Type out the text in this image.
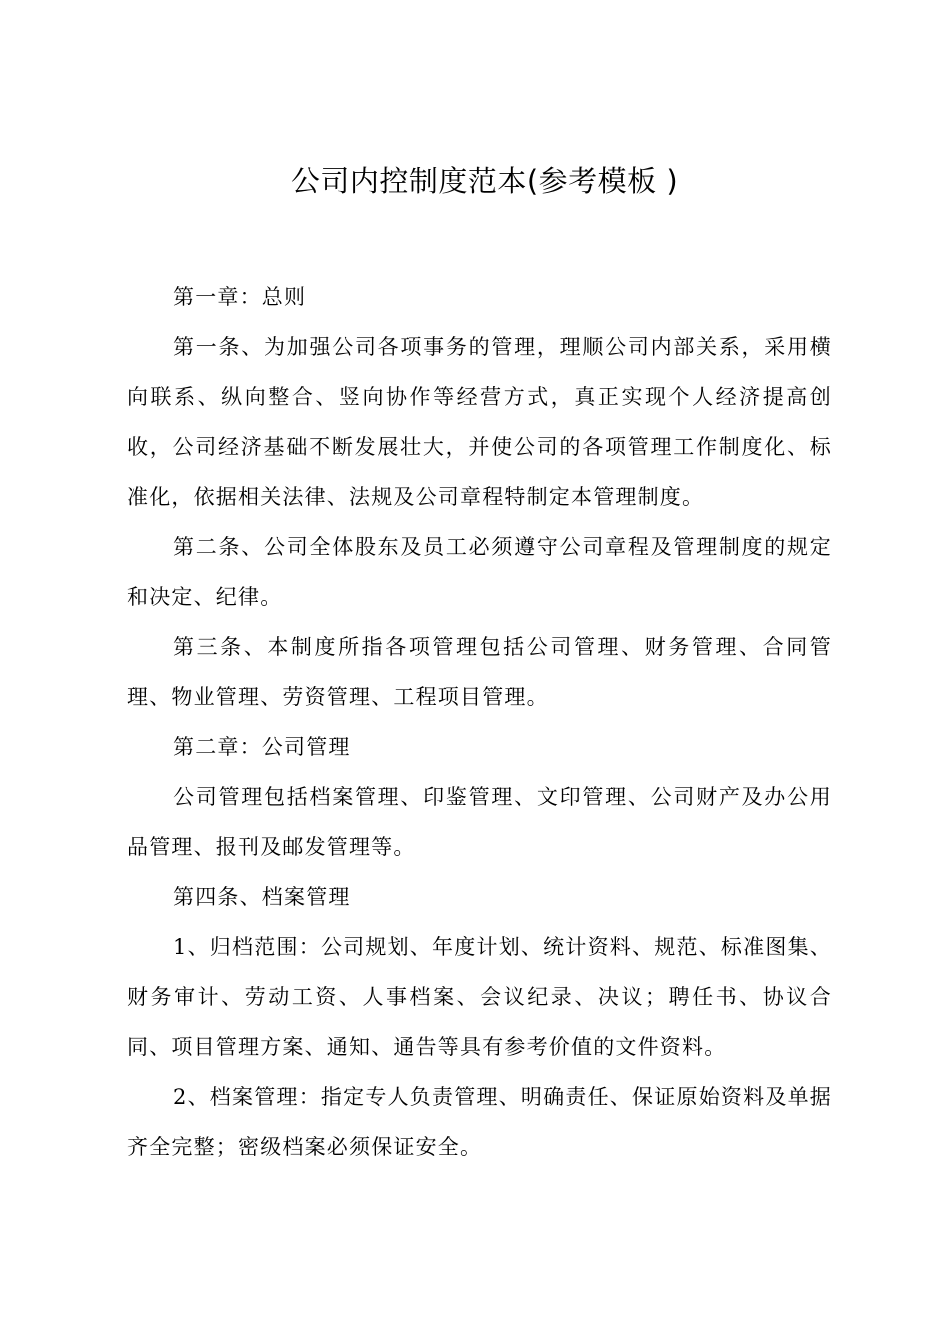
公司内控制度范本(参考模板 )

第一章：总则

第一条、为加强公司各项事务的管理，理顺公司内部关系，采用横向联系、纵向整合、竖向协作等经营方式，真正实现个人经济提高创收，公司经济基础不断发展壮大，并使公司的各项管理工作制度化、标准化，依据相关法律、法规及公司章程特制定本管理制度。

第二条、公司全体股东及员工必须遵守公司章程及管理制度的规定和决定、纪律。

第三条、本制度所指各项管理包括公司管理、财务管理、合同管理、物业管理、劳资管理、工程项目管理。

第二章：公司管理

公司管理包括档案管理、印鉴管理、文印管理、公司财产及办公用品管理、报刊及邮发管理等。

第四条、档案管理

1、归档范围：公司规划、年度计划、统计资料、规范、标准图集、财务审计、劳动工资、人事档案、会议纪录、决议；聘任书、协议合同、项目管理方案、通知、通告等具有参考价值的文件资料。

2、档案管理：指定专人负责管理、明确责任、保证原始资料及单据齐全完整；密级档案必须保证安全。
